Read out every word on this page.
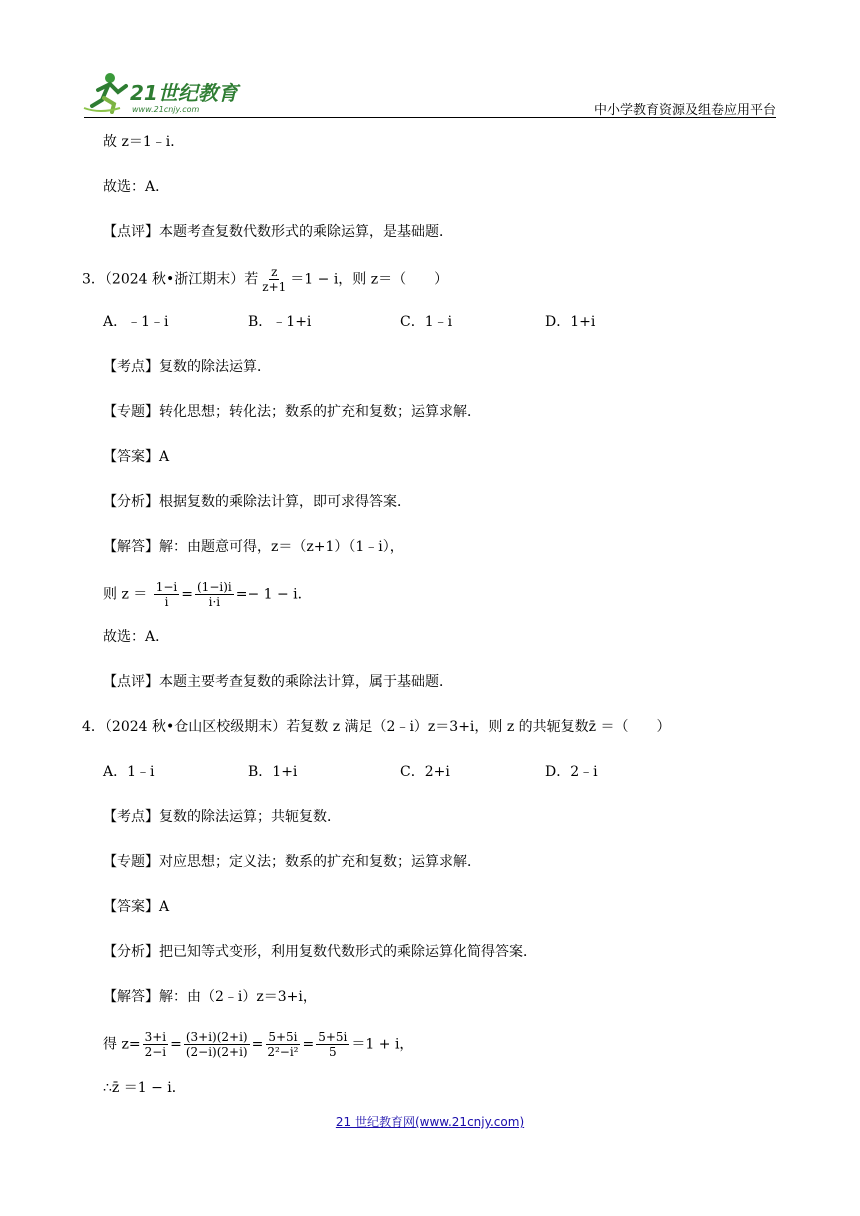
21世纪教育
www.21cnjy.com	中小学教育资源及组卷应用平台
故 z＝1﹣i．
故选：A．
【点评】本题考查复数代数形式的乘除运算，是基础题．
3．（2024 秋•浙江期末）若 $\frac{z}{z+1} =1 - i$，则 z＝（　　）
A．﹣1﹣i	B．﹣1+i	C．1﹣i	D．1+i
【考点】复数的除法运算．
【专题】转化思想；转化法；数系的扩充和复数；运算求解．
【答案】A
【分析】根据复数的乘除法计算，即可求得答案．
【解答】解：由题意可得，z＝（z+1）（1﹣i），
则 $z = \frac{1-i}{i} = \frac{(1-i)i}{i\cdot i} =- 1 - i$．
故选：A．
【点评】本题主要考查复数的乘除法计算，属于基础题．
4．（2024 秋•仓山区校级期末）若复数 z 满足（2﹣i）z＝3+i，则 z 的共轭复数z̄ ＝（　　）
A．1﹣i	B．1+i	C．2+i	D．2﹣i
【考点】复数的除法运算；共轭复数．
【专题】对应思想；定义法；数系的扩充和复数；运算求解．
【答案】A
【分析】把已知等式变形，利用复数代数形式的乘除运算化简得答案．
【解答】解：由（2﹣i）z＝3+i，
得 $z= \frac{3+i}{2-i} = \frac{(3+i)(2+i)}{(2-i)(2+i)} = \frac{5+5i}{\text{2²−i²}} = \frac{5+5i}{5} =1 + i$，
∴z̄ ＝1 − i．
21 世纪教育网(www.21cnjy.com)
